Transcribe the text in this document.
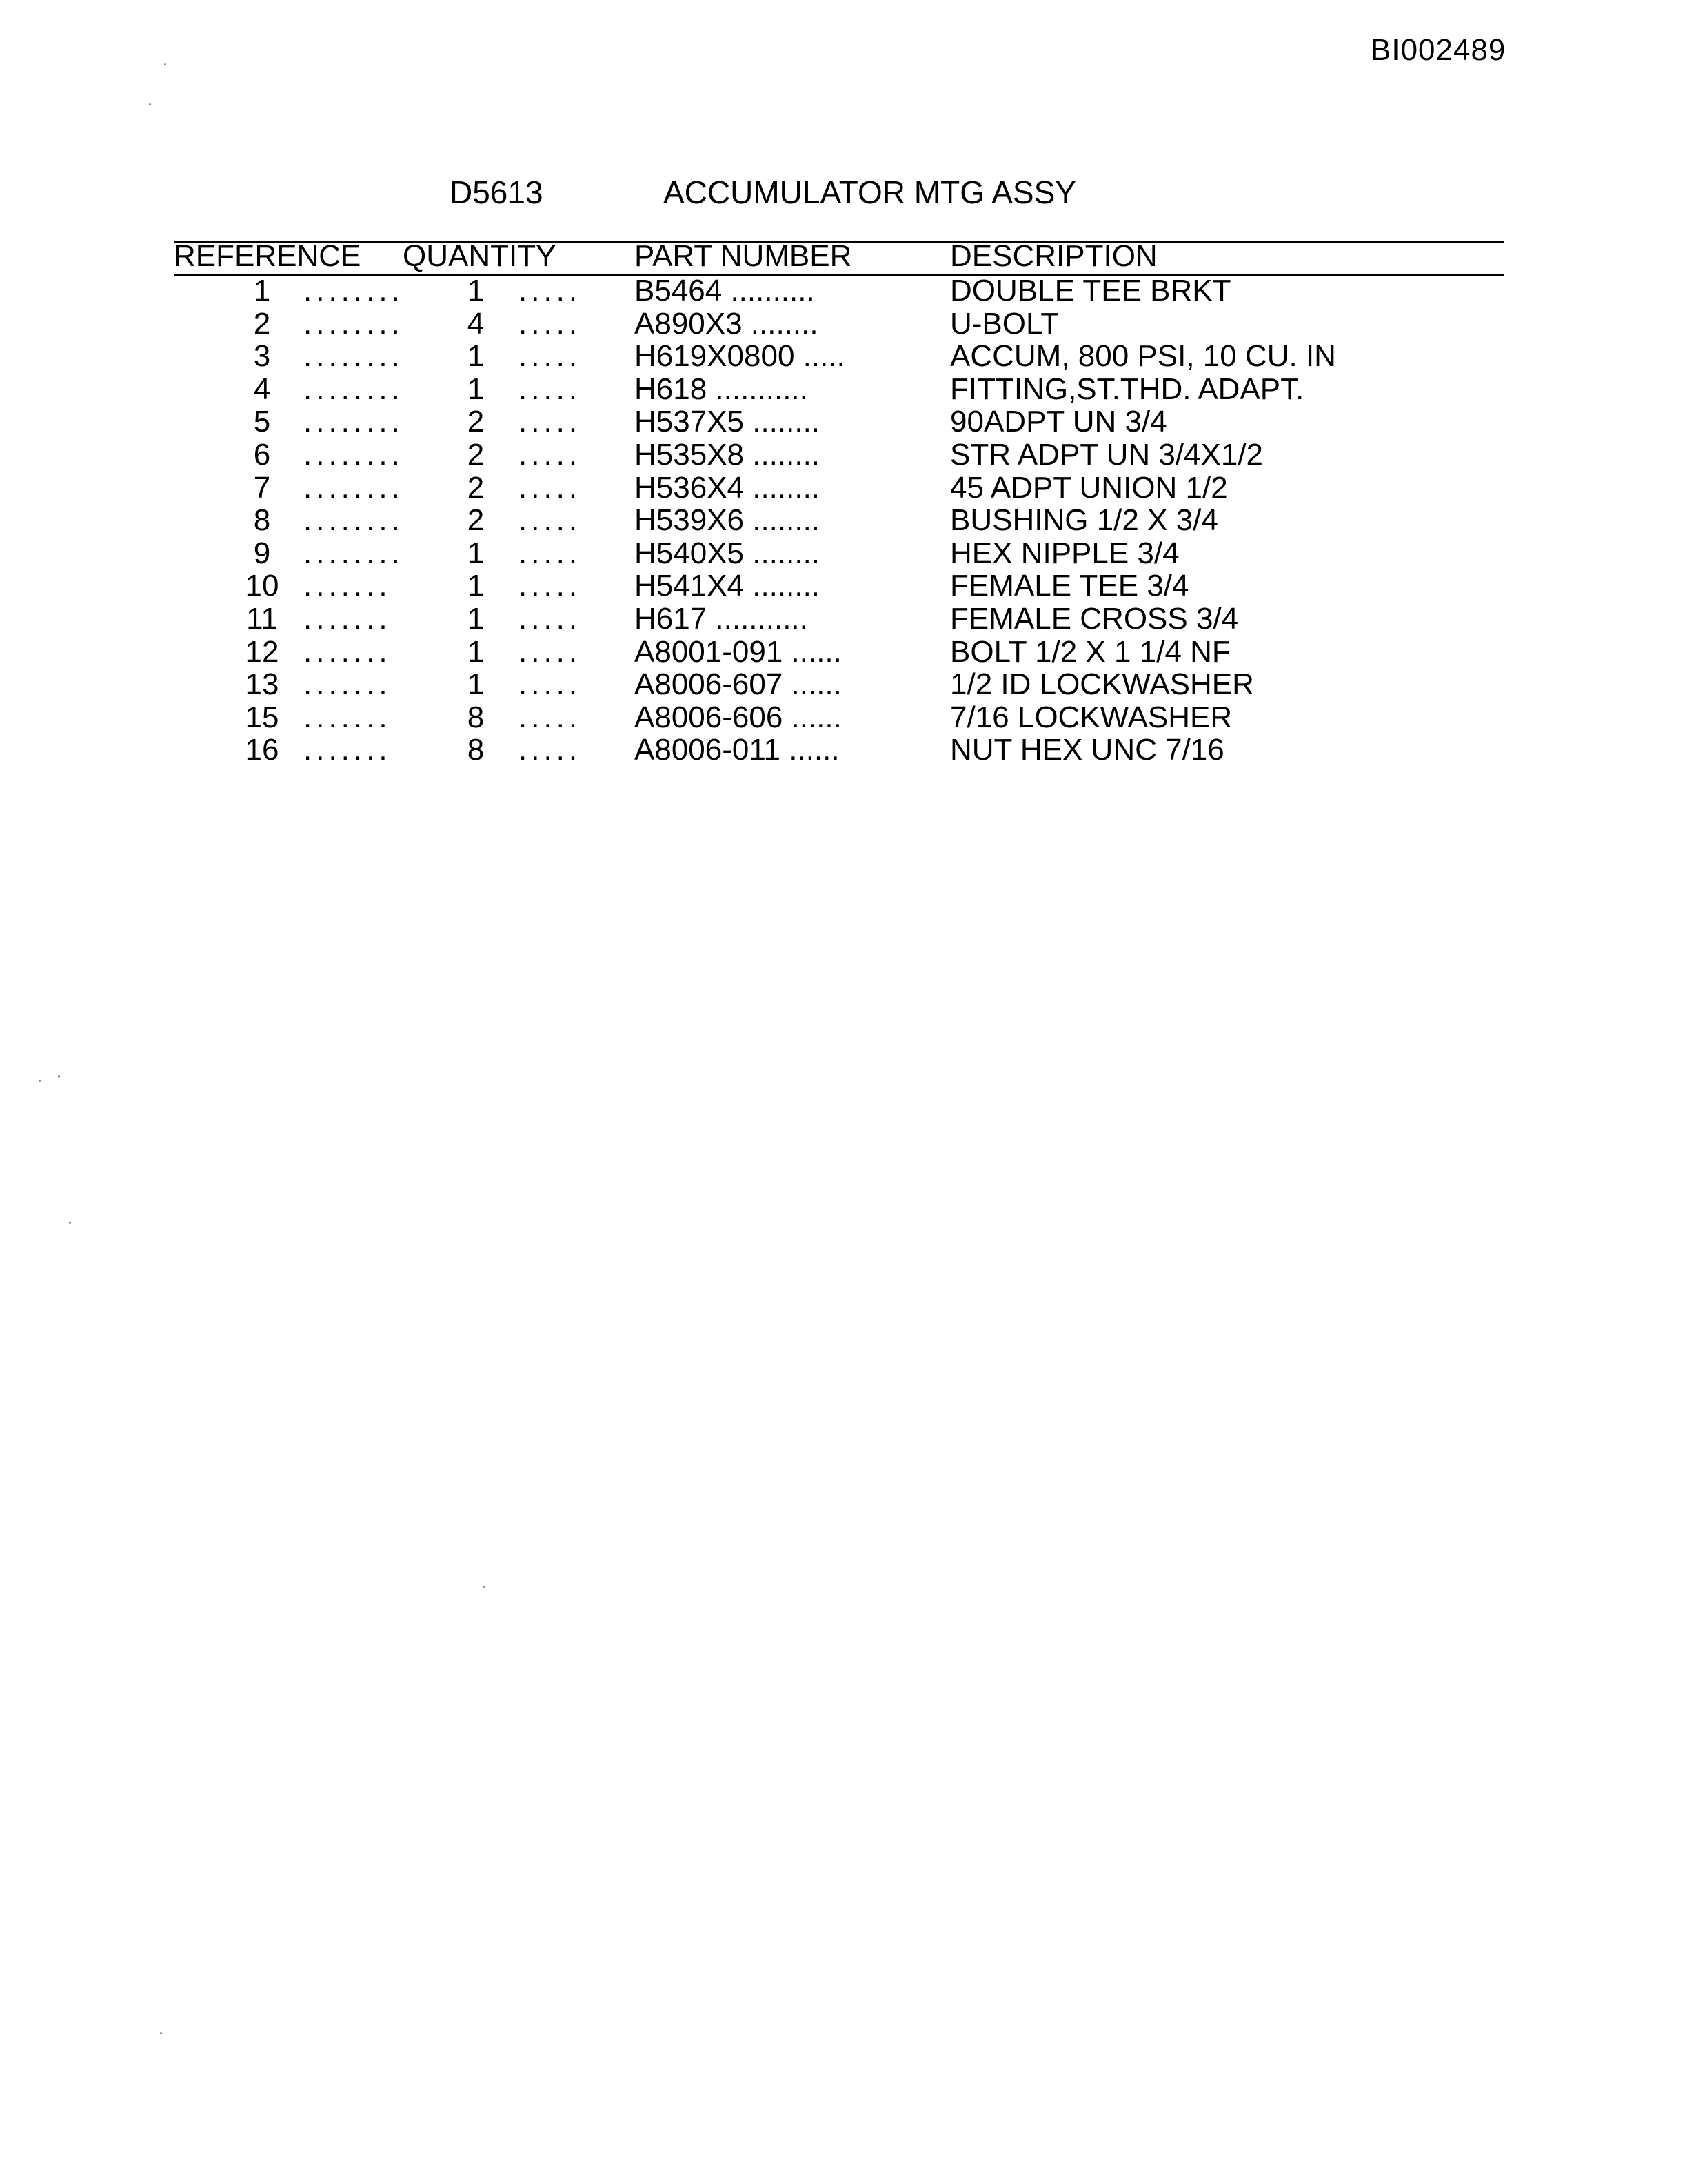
BI002489
D5613	ACCUMULATOR MTG ASSY
REFERENCE QUANTITY	PART NUMBER	DESCRIPTION
1	........	1	..... B5464 ..........	DOUBLE TEE BRKT
2	........	4	..... A890X3 ........	U-BOLT
3	........	1	..... H619X0800 .....	ACCUM, 800 PSI, 10 CU. IN
4	........	1	..... H618 ...........	FITTING,ST.THD. ADAPT.
5	........	2	..... H537X5 ........	90ADPT UN 3/4
6	........	2	..... H535X8 ........	STR ADPT UN 3/4X1/2
7	........	2	..... H536X4 ........	45 ADPT UNION 1/2
8	........	2	..... H539X6 ........	BUSHING 1/2 X 3/4
9	........	1	..... H540X5 ........	HEX NIPPLE 3/4
10 .......	1	..... H541X4 ........	FEMALE TEE 3/4
11 .......	1	..... H617 ...........	FEMALE CROSS 3/4
12 .......	1	..... A8001-091 ......	BOLT 1/2 X 1 1/4 NF
13 .......	1	..... A8006-607 ......	1/2 ID LOCKWASHER
15 .......	8	..... A8006-606 ......	7/16 LOCKWASHER
16 .......	8	..... A8006-011 ......	NUT HEX UNC 7/16
